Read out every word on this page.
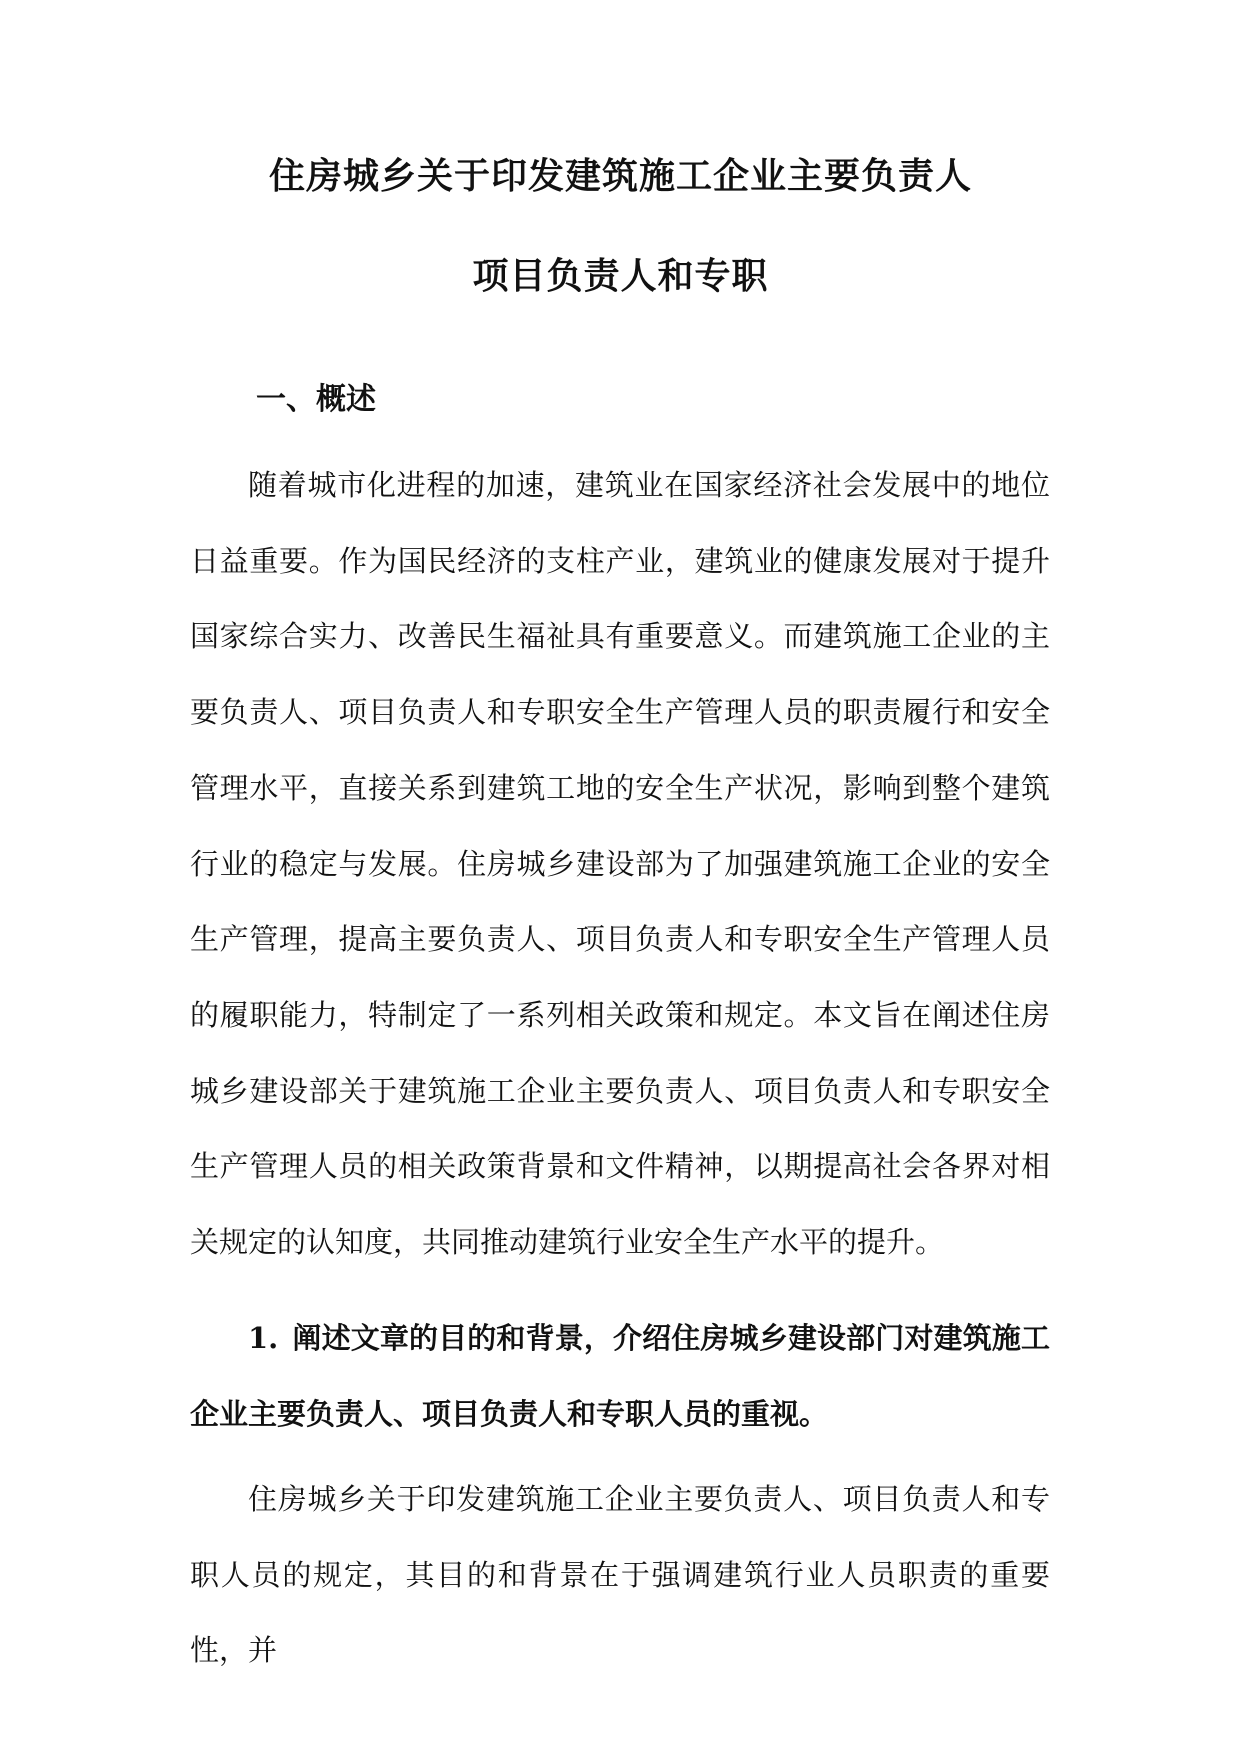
住房城乡关于印发建筑施工企业主要负责人
项目负责人和专职
一、概述

随着城市化进程的加速，建筑业在国家经济社会发展中的地位日益重要。作为国民经济的支柱产业，建筑业的健康发展对于提升国家综合实力、改善民生福祉具有重要意义。而建筑施工企业的主要负责人、项目负责人和专职安全生产管理人员的职责履行和安全管理水平，直接关系到建筑工地的安全生产状况，影响到整个建筑行业的稳定与发展。住房城乡建设部为了加强建筑施工企业的安全生产管理，提高主要负责人、项目负责人和专职安全生产管理人员的履职能力，特制定了一系列相关政策和规定。本文旨在阐述住房城乡建设部关于建筑施工企业主要负责人、项目负责人和专职安全生产管理人员的相关政策背景和文件精神，以期提高社会各界对相关规定的认知度，共同推动建筑行业安全生产水平的提升。

1. 阐述文章的目的和背景，介绍住房城乡建设部门对建筑施工企业主要负责人、项目负责人和专职人员的重视。

住房城乡关于印发建筑施工企业主要负责人、项目负责人和专职人员的规定，其目的和背景在于强调建筑行业人员职责的重要性，并
